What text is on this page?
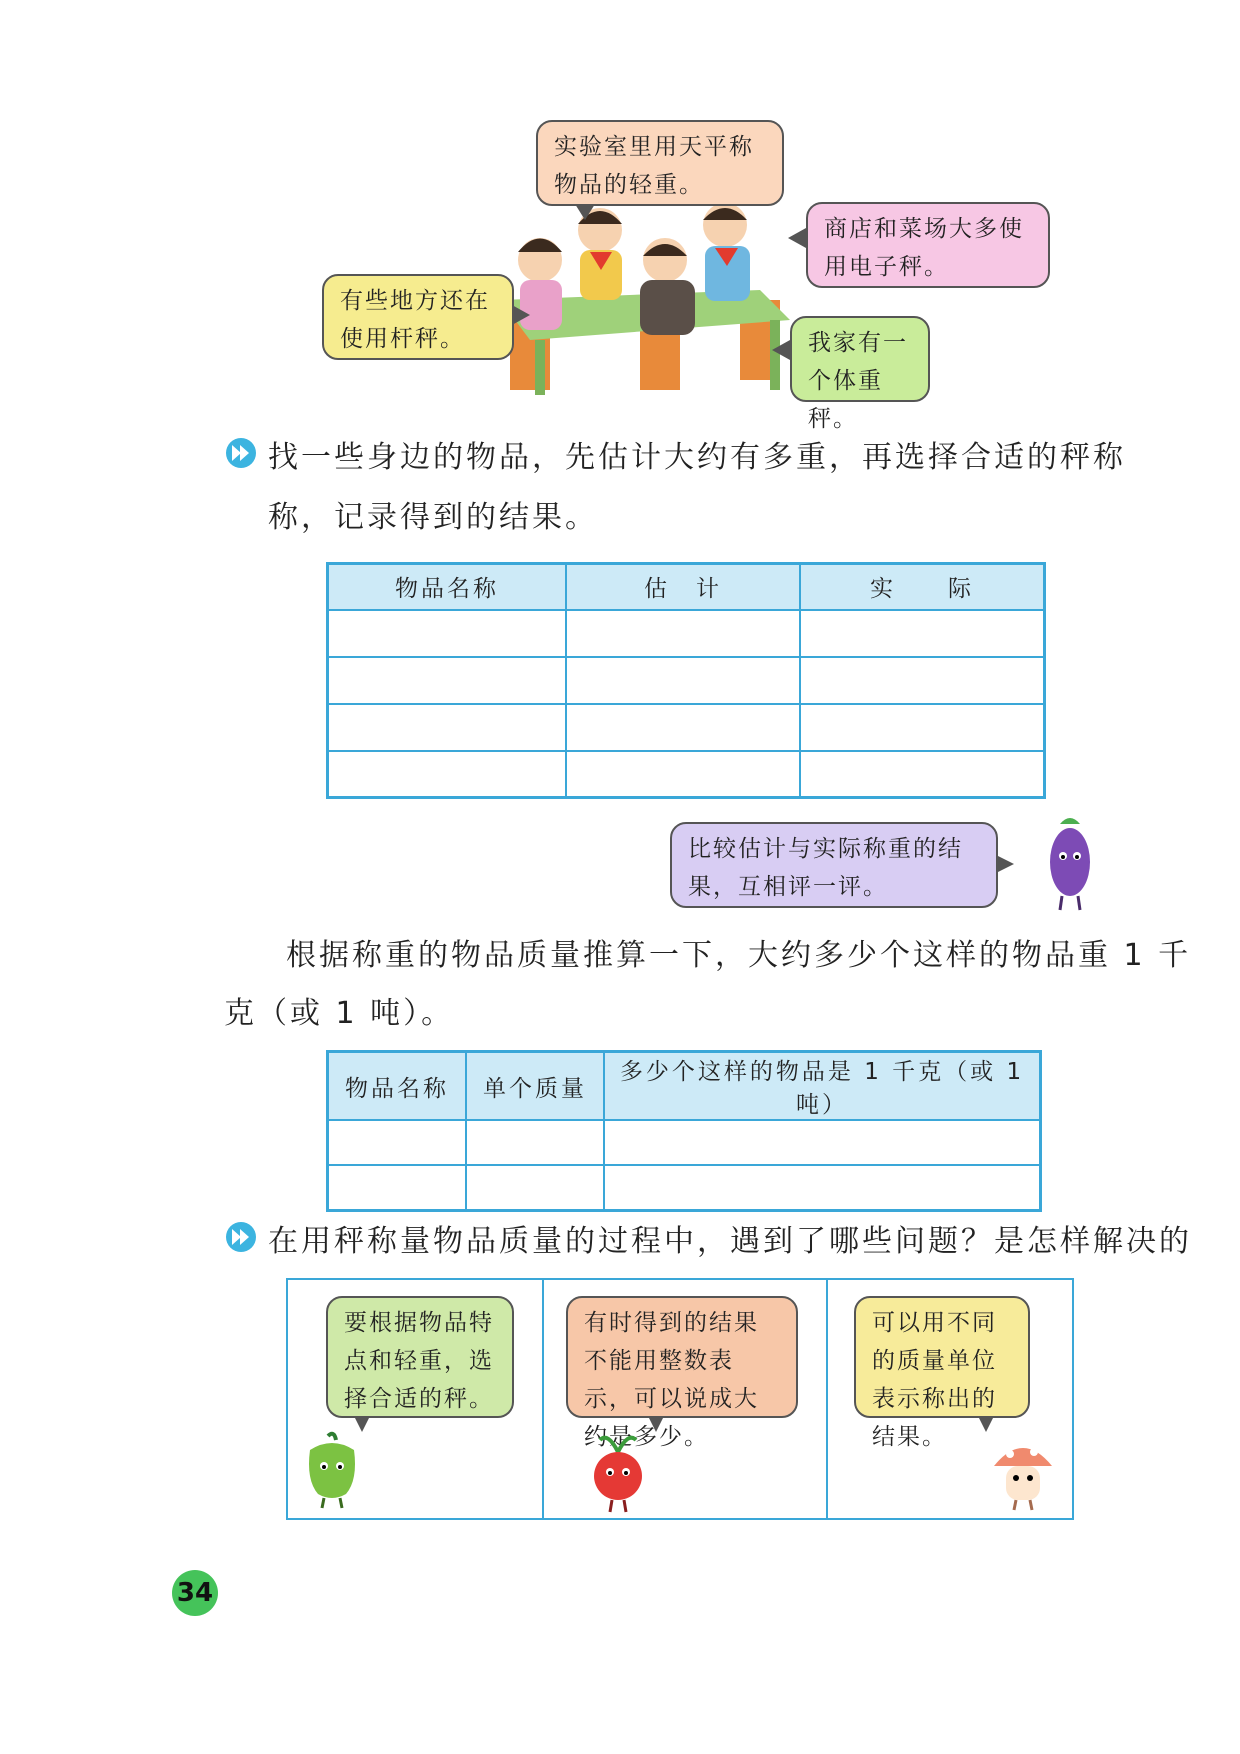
实验室里用天平称物品的轻重。
商店和菜场大多使用电子秤。
有些地方还在使用杆秤。	我家有一个体重秤。
找一些身边的物品，先估计大约有多重，再选择合适的秤称
称，记录得到的结果。
物品名称	估　计	实　　际

比较估计与实际称重的结果，互相评一评。
根据称重的物品质量推算一下，大约多少个这样的物品重 1 千
克（或 1 吨）。
物品名称	单个质量	多少个这样的物品是 1 千克（或 1 吨）

在用秤称量物品质量的过程中，遇到了哪些问题？是怎样解决的
要根据物品特点和轻重，选择合适的秤。
有时得到的结果不能用整数表示，可以说成大约是多少。
可以用不同的质量单位表示称出的结果。
34
